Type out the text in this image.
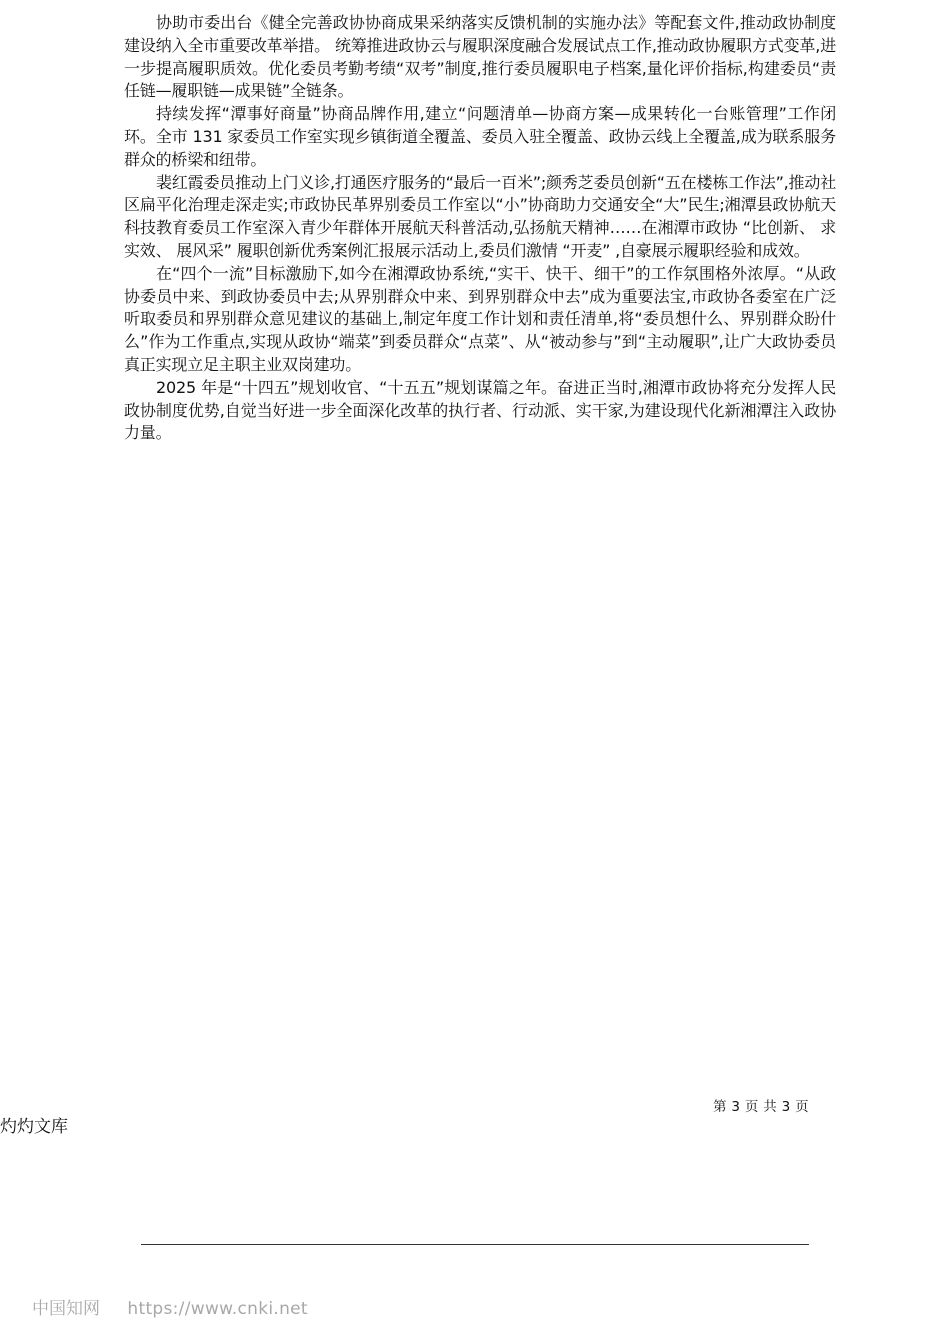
协助市委出台《健全完善政协协商成果采纳落实反馈机制的实施办法》等配套文件,推动政协制度建设纳入全市重要改革举措。 统筹推进政协云与履职深度融合发展试点工作,推动政协履职方式变革,进一步提高履职质效。优化委员考勤考绩“双考”制度,推行委员履职电子档案,量化评价指标,构建委员“责任链—履职链—成果链”全链条。

持续发挥“潭事好商量”协商品牌作用,建立“问题清单—协商方案—成果转化一台账管理”工作闭环。全市 131 家委员工作室实现乡镇街道全覆盖、委员入驻全覆盖、政协云线上全覆盖,成为联系服务群众的桥梁和纽带。

裴红霞委员推动上门义诊,打通医疗服务的“最后一百米”;颜秀芝委员创新“五在楼栋工作法”,推动社区扁平化治理走深走实;市政协民革界别委员工作室以“小”协商助力交通安全“大”民生;湘潭县政协航天科技教育委员工作室深入青少年群体开展航天科普活动,弘扬航天精神……在湘潭市政协 “比创新、 求实效、 展风采” 履职创新优秀案例汇报展示活动上,委员们激情 “开麦” ,自豪展示履职经验和成效。

在“四个一流”目标激励下,如今在湘潭政协系统,“实干、快干、细干”的工作氛围格外浓厚。“从政协委员中来、到政协委员中去;从界别群众中来、到界别群众中去”成为重要法宝,市政协各委室在广泛听取委员和界别群众意见建议的基础上,制定年度工作计划和责任清单,将“委员想什么、界别群众盼什么”作为工作重点,实现从政协“端菜”到委员群众“点菜”、从“被动参与”到“主动履职”,让广大政协委员真正实现立足主职主业双岗建功。

2025 年是“十四五”规划收官、“十五五”规划谋篇之年。奋进正当时,湘潭市政协将充分发挥人民政协制度优势,自觉当好进一步全面深化改革的执行者、行动派、实干家,为建设现代化新湘潭注入政协力量。

第 3 页 共 3 页
灼灼文库
中国知网 https://www.cnki.net
